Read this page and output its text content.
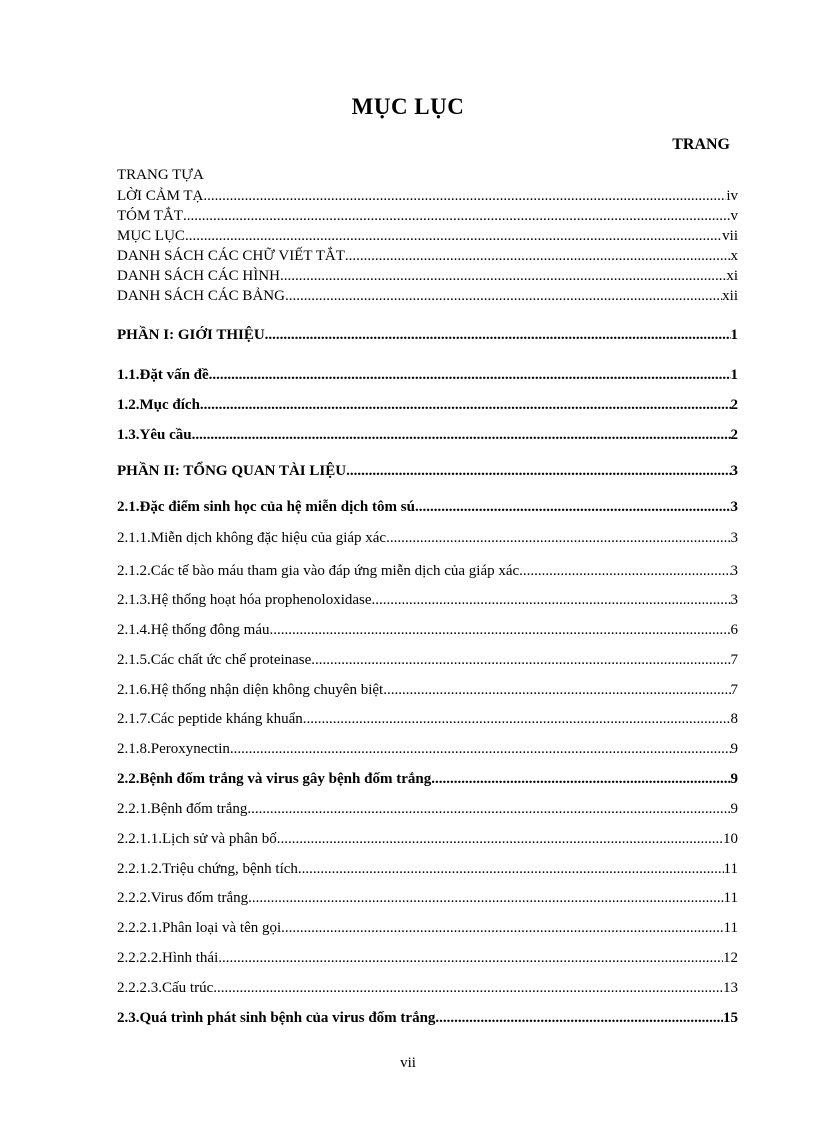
MỤC LỤC
TRANG
TRANG TỰA
LỜI CẢM TẠ .....	iv
TÓM TẮT .....	v
MỤC LỤC .....	vii
DANH SÁCH CÁC CHỮ VIẾT TẮT .....	x
DANH SÁCH CÁC HÌNH .....	xi
DANH SÁCH CÁC BẢNG .....	xii
PHẦN I: GIỚI THIỆU .....	1
1.1. Đặt vấn đề .....	1
1.2. Mục đích .....	2
1.3. Yêu cầu .....	2
PHẦN II: TỔNG QUAN TÀI LIỆU .....	3
2.1. Đặc điểm sinh học của hệ miễn dịch tôm sú .....	3
2.1.1. Miễn dịch không đặc hiệu của giáp xác .....	3
2.1.2. Các tế bào máu tham gia vào đáp ứng miễn dịch của giáp xác .....	3
2.1.3. Hệ thống hoạt hóa prophenoloxidase .....	3
2.1.4. Hệ thống đông máu .....	6
2.1.5. Các chất ức chế proteinase .....	7
2.1.6. Hệ thống nhận diện không chuyên biệt .....	7
2.1.7. Các peptide kháng khuẩn .....	8
2.1.8. Peroxynectin .....	9
2.2. Bệnh đốm trắng và virus gây bệnh đốm trắng .....	9
2.2.1. Bệnh đốm trắng .....	9
2.2.1.1. Lịch sử và phân bố .....	10
2.2.1.2. Triệu chứng, bệnh tích .....	11
2.2.2. Virus đốm trắng .....	11
2.2.2.1. Phân loại và tên gọi .....	11
2.2.2.2. Hình thái .....	12
2.2.2.3. Cấu trúc .....	13
2.3. Quá trình phát sinh bệnh của virus đốm trắng .....	15
vii
